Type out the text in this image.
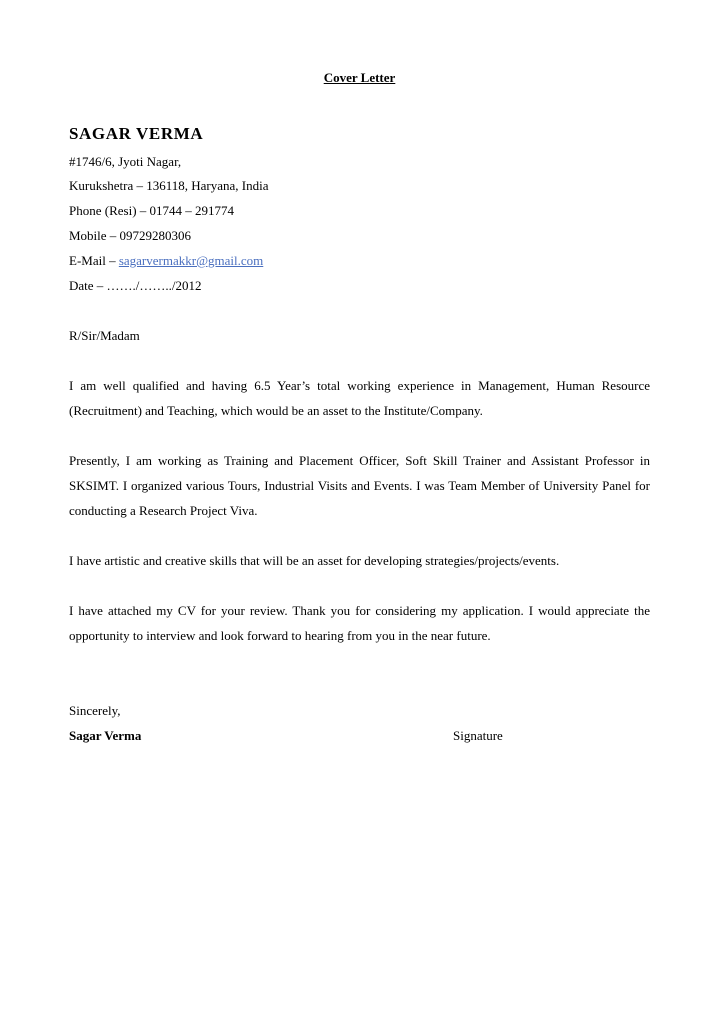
Cover Letter
SAGAR VERMA
#1746/6, Jyoti Nagar,
Kurukshetra – 136118, Haryana, India
Phone (Resi) – 01744 – 291774
Mobile – 09729280306
E-Mail – sagarvermakkr@gmail.com
Date – ……./……../2012
R/Sir/Madam
I am well qualified and having 6.5 Year’s total working experience in Management, Human Resource (Recruitment) and Teaching, which would be an asset to the Institute/Company.
Presently, I am working as Training and Placement Officer, Soft Skill Trainer and Assistant Professor in SKSIMT. I organized various Tours, Industrial Visits and Events. I was Team Member of University Panel for conducting a Research Project Viva.
I have artistic and creative skills that will be an asset for developing strategies/projects/events.
I have attached my CV for your review. Thank you for considering my application. I would appreciate the opportunity to interview and look forward to hearing from you in the near future.
Sincerely,
Sagar Verma	Signature
